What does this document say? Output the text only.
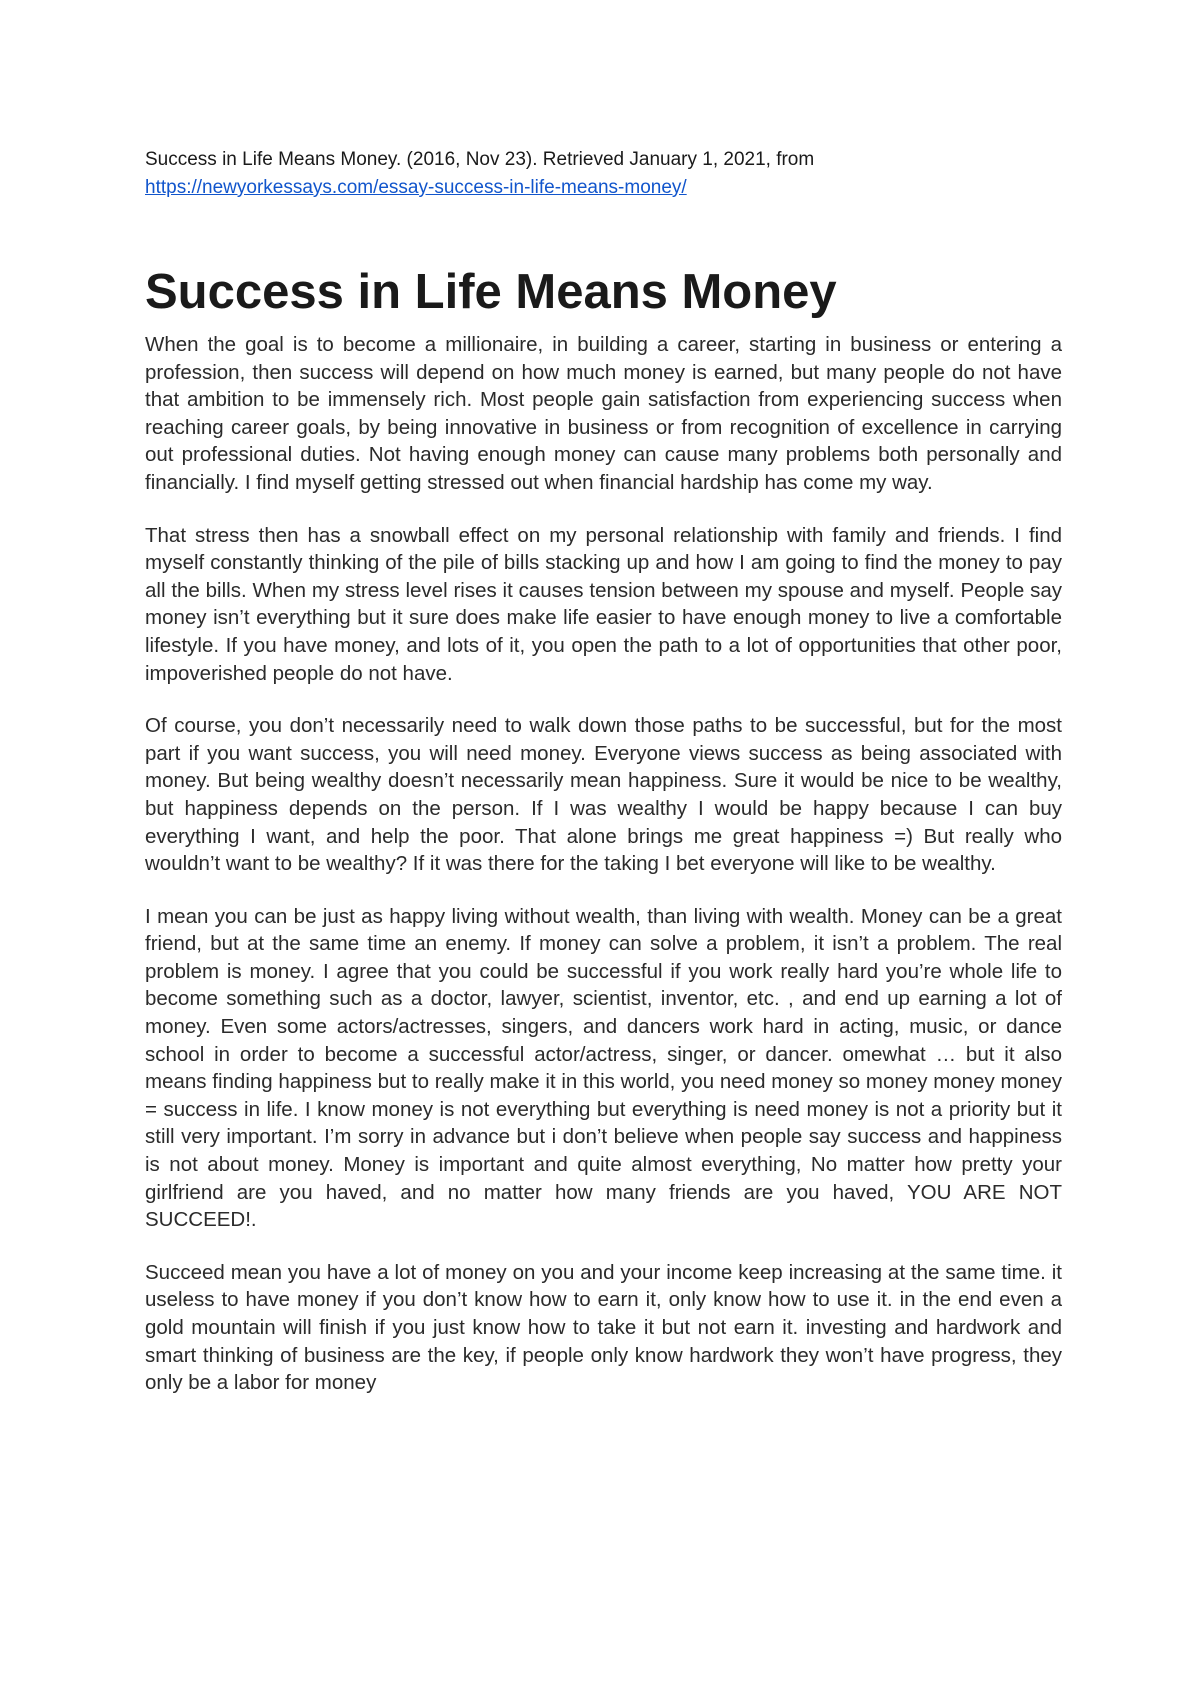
Success in Life Means Money. (2016, Nov 23). Retrieved January 1, 2021, from
https://newyorkessays.com/essay-success-in-life-means-money/
Success in Life Means Money

When the goal is to become a millionaire, in building a career, starting in business or entering a profession, then success will depend on how much money is earned, but many people do not have that ambition to be immensely rich. Most people gain satisfaction from experiencing success when reaching career goals, by being innovative in business or from recognition of excellence in carrying out professional duties. Not having enough money can cause many problems both personally and financially. I find myself getting stressed out when financial hardship has come my way.

That stress then has a snowball effect on my personal relationship with family and friends. I find myself constantly thinking of the pile of bills stacking up and how I am going to find the money to pay all the bills. When my stress level rises it causes tension between my spouse and myself. People say money isn’t everything but it sure does make life easier to have enough money to live a comfortable lifestyle. If you have money, and lots of it, you open the path to a lot of opportunities that other poor, impoverished people do not have.

Of course, you don’t necessarily need to walk down those paths to be successful, but for the most part if you want success, you will need money. Everyone views success as being associated with money. But being wealthy doesn’t necessarily mean happiness. Sure it would be nice to be wealthy, but happiness depends on the person. If I was wealthy I would be happy because I can buy everything I want, and help the poor. That alone brings me great happiness =) But really who wouldn’t want to be wealthy? If it was there for the taking I bet everyone will like to be wealthy.

I mean you can be just as happy living without wealth, than living with wealth. Money can be a great friend, but at the same time an enemy. If money can solve a problem, it isn’t a problem. The real problem is money. I agree that you could be successful if you work really hard you’re whole life to become something such as a doctor, lawyer, scientist, inventor, etc. , and end up earning a lot of money. Even some actors/actresses, singers, and dancers work hard in acting, music, or dance school in order to become a successful actor/actress, singer, or dancer. omewhat … but it also means finding happiness but to really make it in this world, you need money so money money money = success in life. I know money is not everything but everything is need money is not a priority but it still very important. I’m sorry in advance but i don’t believe when people say success and happiness is not about money. Money is important and quite almost everything, No matter how pretty your girlfriend are you haved, and no matter how many friends are you haved, YOU ARE NOT SUCCEED!.

Succeed mean you have a lot of money on you and your income keep increasing at the same time. it useless to have money if you don’t know how to earn it, only know how to use it. in the end even a gold mountain will finish if you just know how to take it but not earn it. investing and hardwork and smart thinking of business are the key, if people only know hardwork they won’t have progress, they only be a labor for money
